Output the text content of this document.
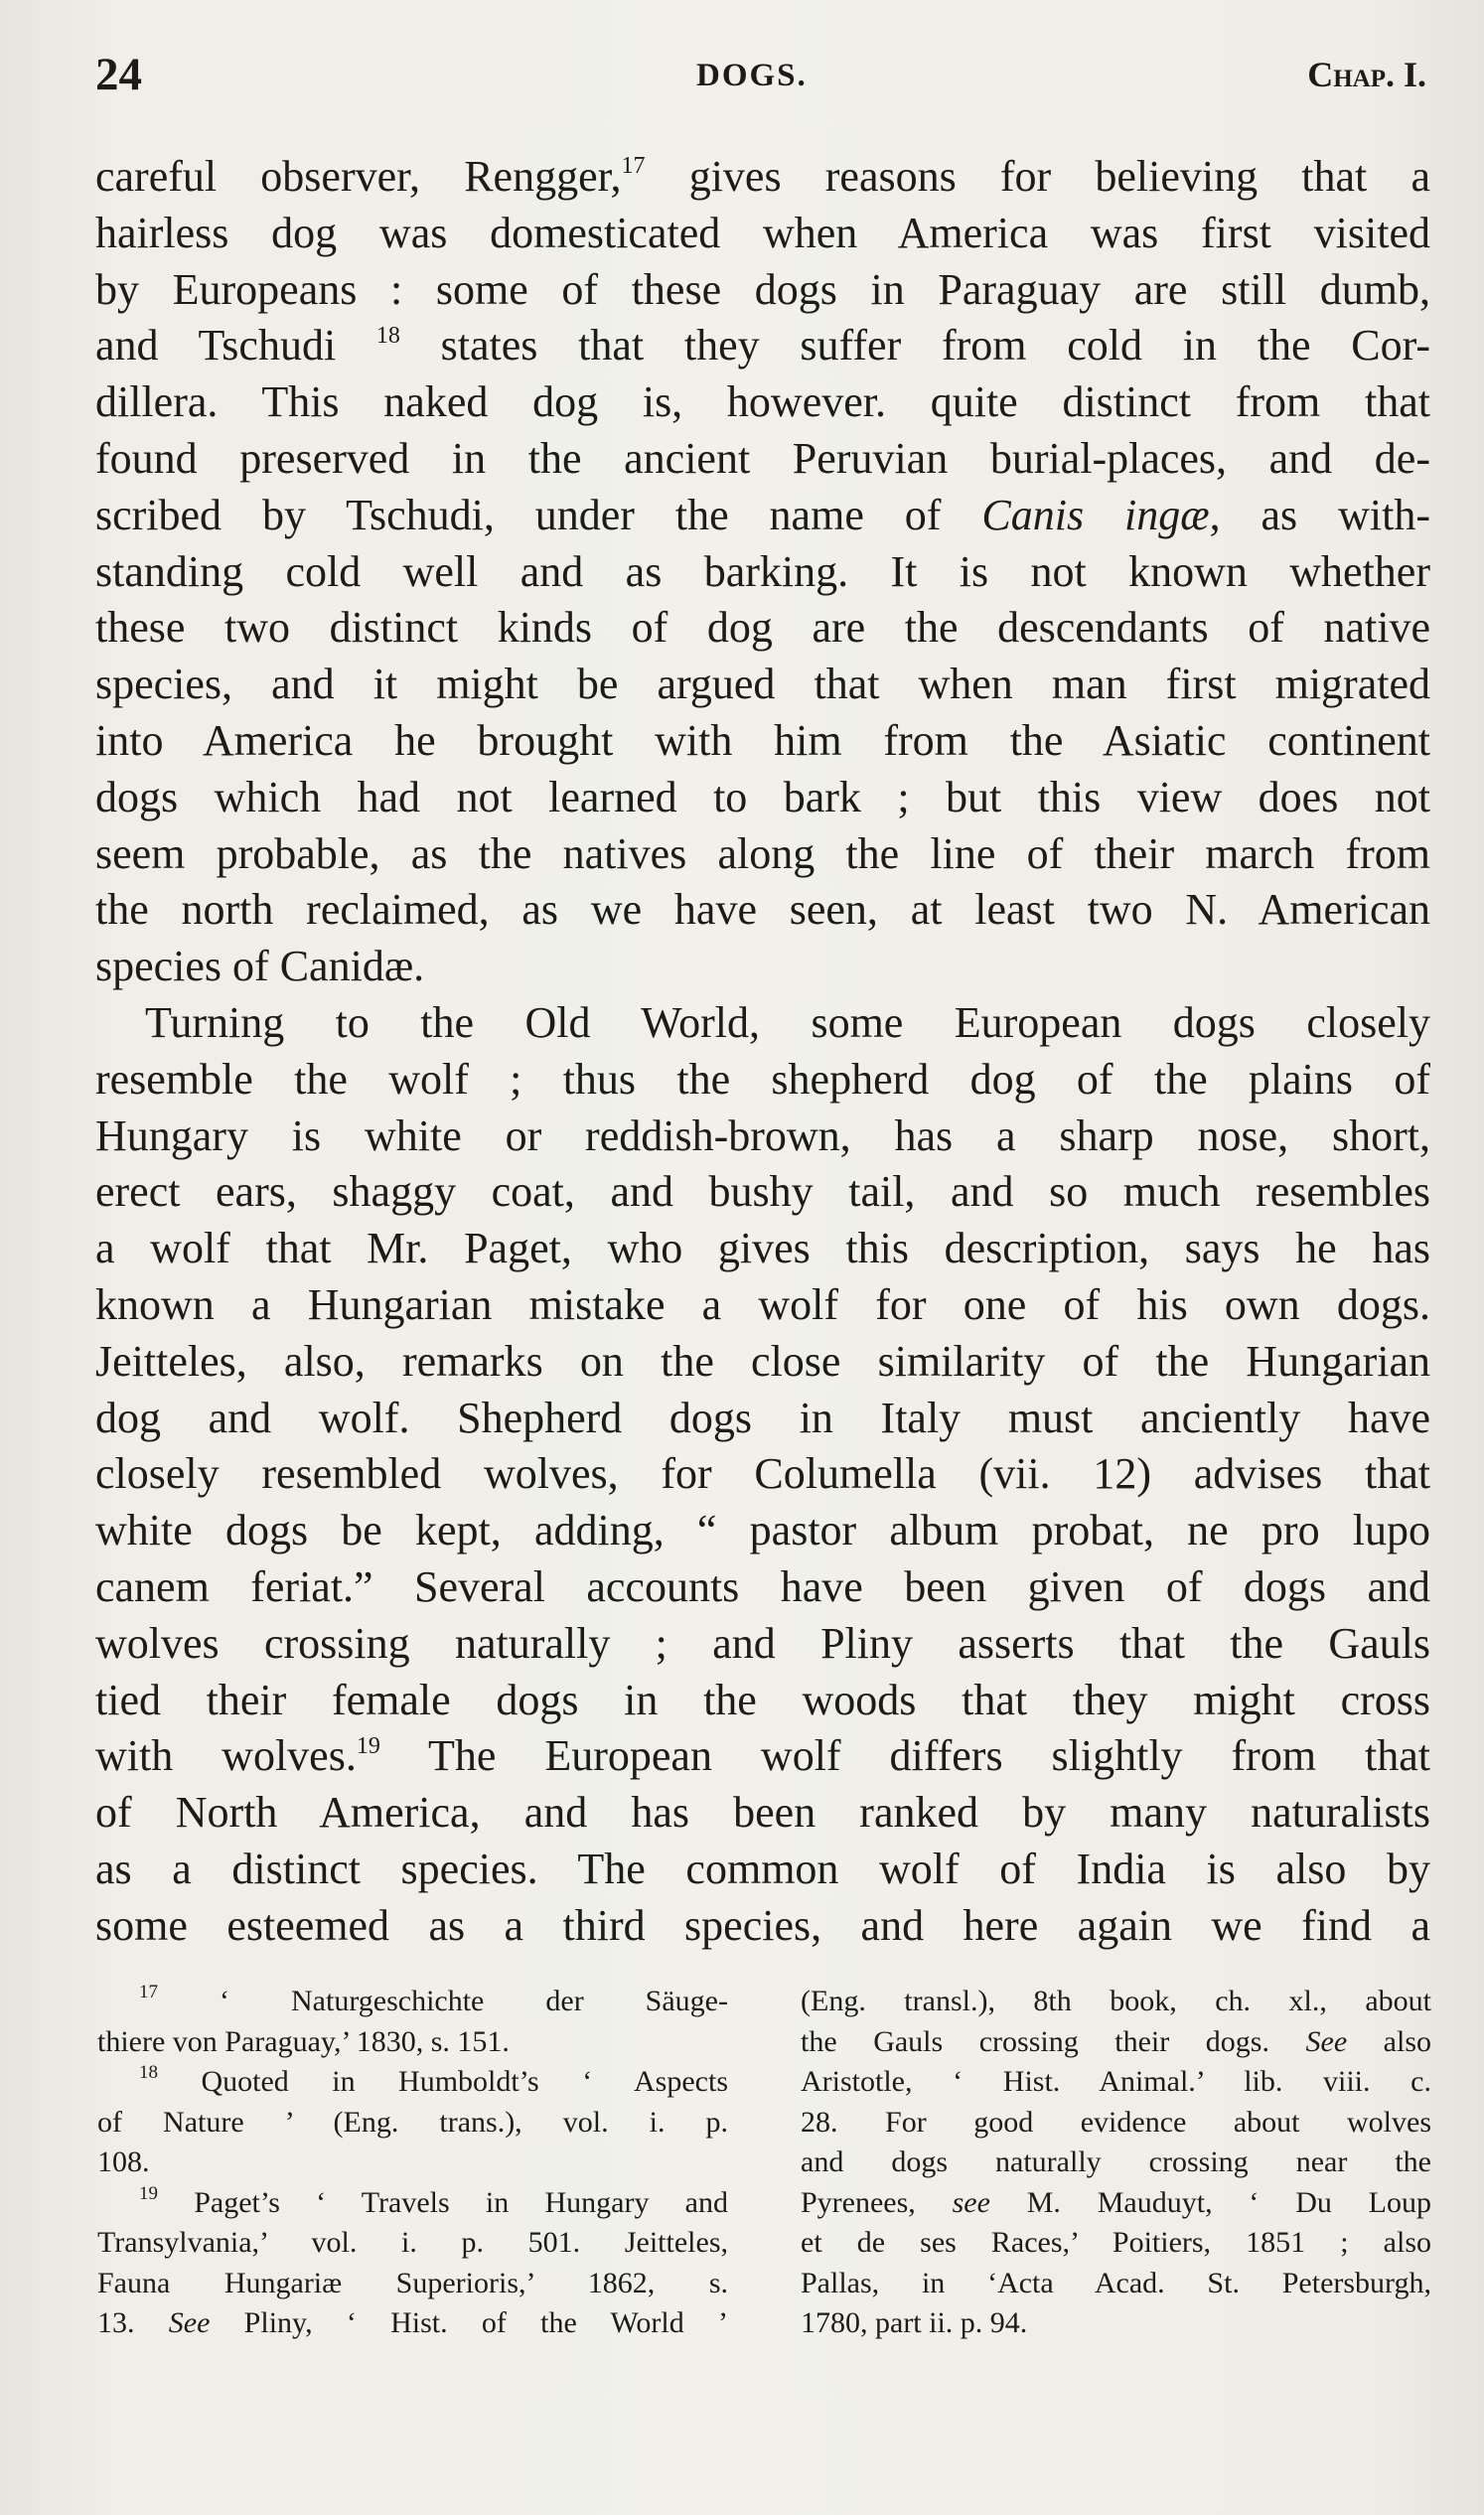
24	DOGS.	Chap. I.
careful observer, Rengger,$^{17}$ gives reasons for believing that a
hairless dog was domesticated when America was first visited
by Europeans : some of these dogs in Paraguay are still dumb,
and Tschudi $^{18}$ states that they suffer from cold in the Cor-
dillera. This naked dog is, however. quite distinct from that
found preserved in the ancient Peruvian burial-places, and de-
scribed by Tschudi, under the name of Canis ingæ, as with-
standing cold well and as barking. It is not known whether
these two distinct kinds of dog are the descendants of native
species, and it might be argued that when man first migrated
into America he brought with him from the Asiatic continent
dogs which had not learned to bark ; but this view does not
seem probable, as the natives along the line of their march from
the north reclaimed, as we have seen, at least two N. American
species of Canidæ.
Turning to the Old World, some European dogs closely
resemble the wolf ; thus the shepherd dog of the plains of
Hungary is white or reddish-brown, has a sharp nose, short,
erect ears, shaggy coat, and bushy tail, and so much resembles
a wolf that Mr. Paget, who gives this description, says he has
known a Hungarian mistake a wolf for one of his own dogs.
Jeitteles, also, remarks on the close similarity of the Hungarian
dog and wolf. Shepherd dogs in Italy must anciently have
closely resembled wolves, for Columella (vii. 12) advises that
white dogs be kept, adding, “ pastor album probat, ne pro lupo
canem feriat.” Several accounts have been given of dogs and
wolves crossing naturally ; and Pliny asserts that the Gauls
tied their female dogs in the woods that they might cross
with wolves.$^{19}$ The European wolf differs slightly from that
of North America, and has been ranked by many naturalists
as a distinct species. The common wolf of India is also by
some esteemed as a third species, and here again we find a
$^{17}$ ‘ Naturgeschichte der Säuge-
thiere von Paraguay,’ 1830, s. 151.
$^{18}$ Quoted in Humboldt’s ‘ Aspects
of Nature ’ (Eng. trans.), vol. i. p.
108.
$^{19}$ Paget’s ‘ Travels in Hungary and
Transylvania,’ vol. i. p. 501. Jeitteles,
Fauna Hungariæ Superioris,’ 1862, s.
13. See Pliny, ‘ Hist. of the World ’
(Eng. transl.), 8th book, ch. xl., about
the Gauls crossing their dogs. See also
Aristotle, ‘ Hist. Animal.’ lib. viii. c.
28. For good evidence about wolves
and dogs naturally crossing near the
Pyrenees, see M. Mauduyt, ‘ Du Loup
et de ses Races,’ Poitiers, 1851 ; also
Pallas, in ‘Acta Acad. St. Petersburgh,
1780, part ii. p. 94.
